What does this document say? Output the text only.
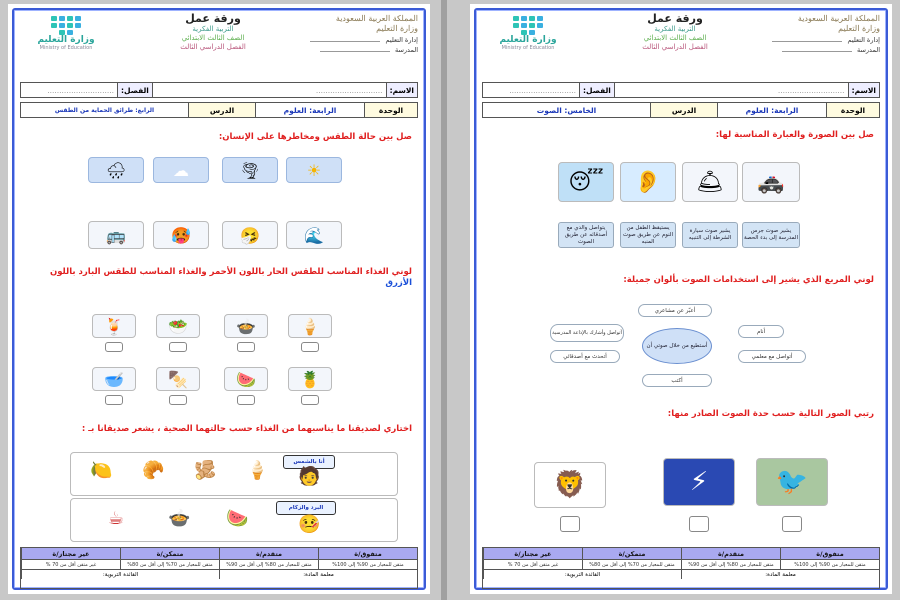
المملكة العربية السعودية
وزارة التعليم
إدارة التعليم
المدرسة
ورقة عمل
التربية الفكرية
الصف الثالث الابتدائي
الفصل الدراسي الثالث
وزارة التعليم
Ministry of Education
الاسم:
............................
الفصل:
............................
الوحدة
الرابعة: العلوم
الدرس
الرابع: طرائق الحماية من الطقس
صل بين حالة الطقس ومخاطرها على الإنسان:
☀
🌪
☁
🌧
🌊
🤧
🥵
🚌
لوني الغذاء المناسب للطقس الحار باللون الأحمر والغذاء المناسب للطقس البارد باللون الأزرق
🍦
🍲
🥗
🍹
🍍
🍉
🍢
🥣
اختاري لصديقنا ما يناسبهما من الغذاء حسب حالتهما الصحية ، يشعر صديقانا بـ :
أنا بالشمس
🧑
🍦
🫚
🥐
🍋
البرد والزكام
🤒
🍉
🍲
☕
متفوق/ة
متقدم/ة
متمكن/ة
غير مجتاز/ة
متقن للمعيار من 90% إلى 100%
متقن للمعيار من 80% إلى أقل من 90%
متقن للمعيار من 70% إلى أقل من 80%
غير متقن أقل من 70 %
معلمة المادة:
القائدة التربوية:
المملكة العربية السعودية
وزارة التعليم
إدارة التعليم
المدرسة
ورقة عمل
التربية الفكرية
الصف الثالث الابتدائي
الفصل الدراسي الثالث
وزارة التعليم
Ministry of Education
الاسم:
............................
الفصل:
............................
الوحدة
الرابعة: العلوم
الدرس
الخامس: الصوت
صل بين الصورة والعبارة المناسبة لها:
🚓
🛎
👂
😴
يشير صوت جرس المدرسة إلى بدء الحصة
يشير صوت سيارة الشرطة إلى التنبيه
يستيقظ الطفل من النوم عن طريق صوت المنبه
يتواصل والدي مع أصدقائه عن طريق الصوت
لوني المربع الذي يشير إلى استخدامات الصوت بألوان جميلة:
أستطيع من خلال صوتي أن
أعبّر عن مشاعري
أنام
أتواصل وأشارك بالإذاعة المدرسية
أتواصل مع معلمي
أتحدث مع أصدقائي
أكتب
رتبي الصور التالية حسب حدة الصوت الصادر منها:
🐦
⚡
🦁
متفوق/ة
متقدم/ة
متمكن/ة
غير مجتاز/ة
متقن للمعيار من 90% إلى 100%
متقن للمعيار من 80% إلى أقل من 90%
متقن للمعيار من 70% إلى أقل من 80%
غير متقن أقل من 70 %
معلمة المادة:
القائدة التربوية:
